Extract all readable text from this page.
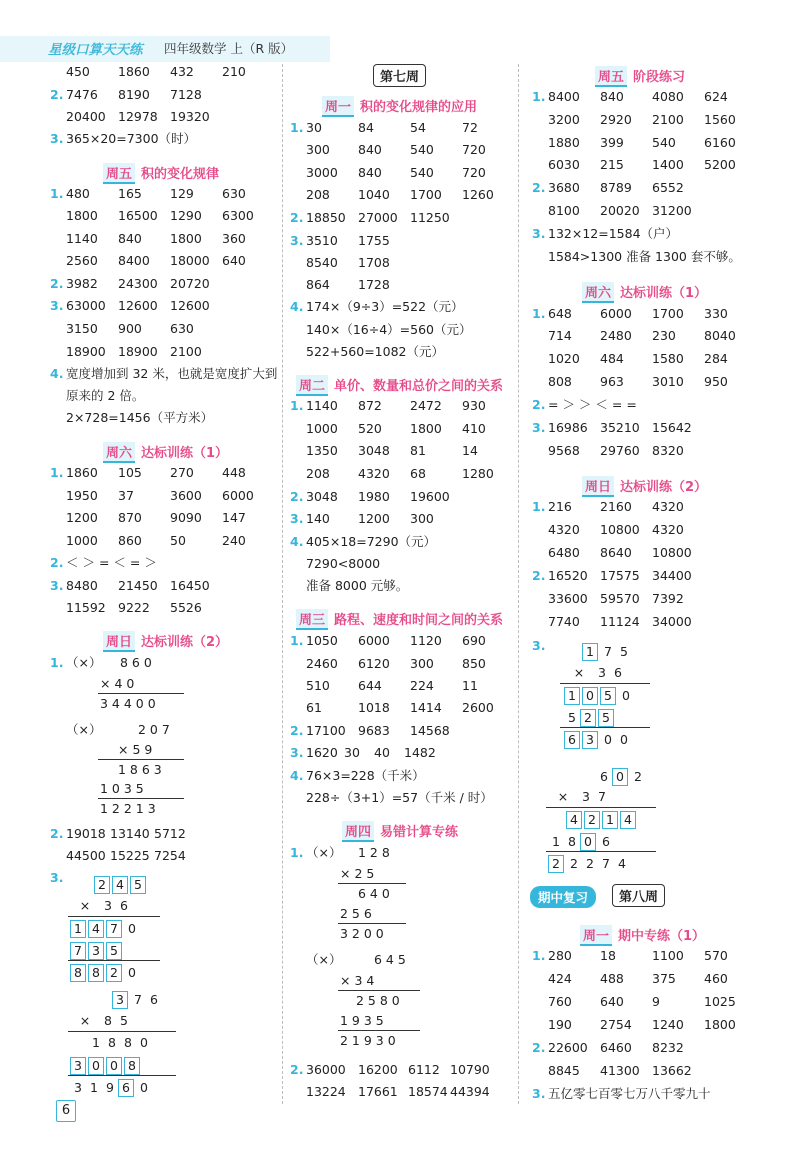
星级口算天天练 四年级数学 上（R 版）
450 1860 432 210
2. 7476 8190 7128
20400 12978 19320
3. 365×20=7300（时）
周五 积的变化规律
1. 480 165 129 630
1800 16500 1290 6300
1140 840 1800 360
2560 8400 18000 640
2. 3982 24300 20720
3. 63000 12600 12600
3150 900 630
18900 18900 2100
4. 宽度增加到 32 米，也就是宽度扩大到
原来的 2 倍。
2×728=1456（平方米）
周六 达标训练（1）
1. 1860 105 270 448
1950 37	3600 6000
1200 870 9090 147
1000 860 50	240
2. ＜ ＞ = ＜ = ＞
3. 8480 21450 16450
11592 9222 5526
周日 达标训练（2）
1. （×） 8 6 0
× 4 0
3 4 4 0 0
（×）	2 0 7
× 5 9
1 8 6 3
1 0 3 5
1 2 2 1 3
2. 19018 13140 5712
44500 15225 7254
3.	2 4 5
× 3 6
1 4 7 0
7 3 5
8 8 2 0
3 7 6
× 8 5
1 8 8 0
3 0 0 8
3 1 9 6 0
第七周
周一 积的变化规律的应用
1. 30	84	54	72
300 840 540 720
3000 840 540 720
208 1040 1700 1260
2. 18850 27000 11250
3. 3510 1755
8540 1708
864 1728
4. 174×（9÷3）=522（元）
140×（16÷4）=560（元）
522+560=1082（元）
周二 单价、数量和总价之间的关系
1. 1140 872 2472 930
1000 520 1800 410
1350 3048 81	14
208 4320 68	1280
2. 3048 1980 19600
3. 140 1200 300
4. 405×18=7290（元）
7290<8000
准备 8000 元够。
周三 路程、速度和时间之间的关系
1. 1050 6000 1120 690
2460 6120 300 850
510 644 224 11
61	1018 1414 2600
2. 17100 9683 14568
3. 1620 30 40 1482
4. 76×3=228（千米）
228÷（3+1）=57（千米 / 时）
周四 易错计算专练
1. （×） 1 2 8
× 2 5
6 4 0
2 5 6
3 2 0 0
（×）	6 4 5
× 3 4
2 5 8 0
1 9 3 5
2 1 9 3 0
2. 36000 16200 6112 10790
13224 17661 18574 44394
周五 阶段练习
1. 8400 840 4080 624
3200 2920 2100 1560
1880 399 540 6160
6030 215 1400 5200
2. 3680 8789 6552
8100 20020 31200
3. 132×12=1584（户）
1584>1300 准备 1300 套不够。
周六 达标训练（1）
1. 648 6000 1700 330
714 2480 230 8040
1020 484 1580 284
808 963 3010 950
2. = ＞ ＞ ＜ = =
3. 16986 35210 15642
9568 29760 8320
周日 达标训练（2）
1. 216 2160 4320
4320 10800 4320
6480 8640 10800
2. 16520 17575 34400
33600 59570 7392
7740 11124 34000
3.	1 7 5
× 3 6
1 0 5 0
5 2 5
6 3 0 0
6 0 2
× 3 7
4 2 1 4
1 8 0 6
2 2 2 7 4
期中复习	第八周
周一 期中专练（1）
1. 280 18	1100 570
424 488 375 460
760 640 9	1025
190 2754 1240 1800
2. 22600 6460 8232
8845 41300 13662
3. 五亿零七百零七万八千零九十
6
